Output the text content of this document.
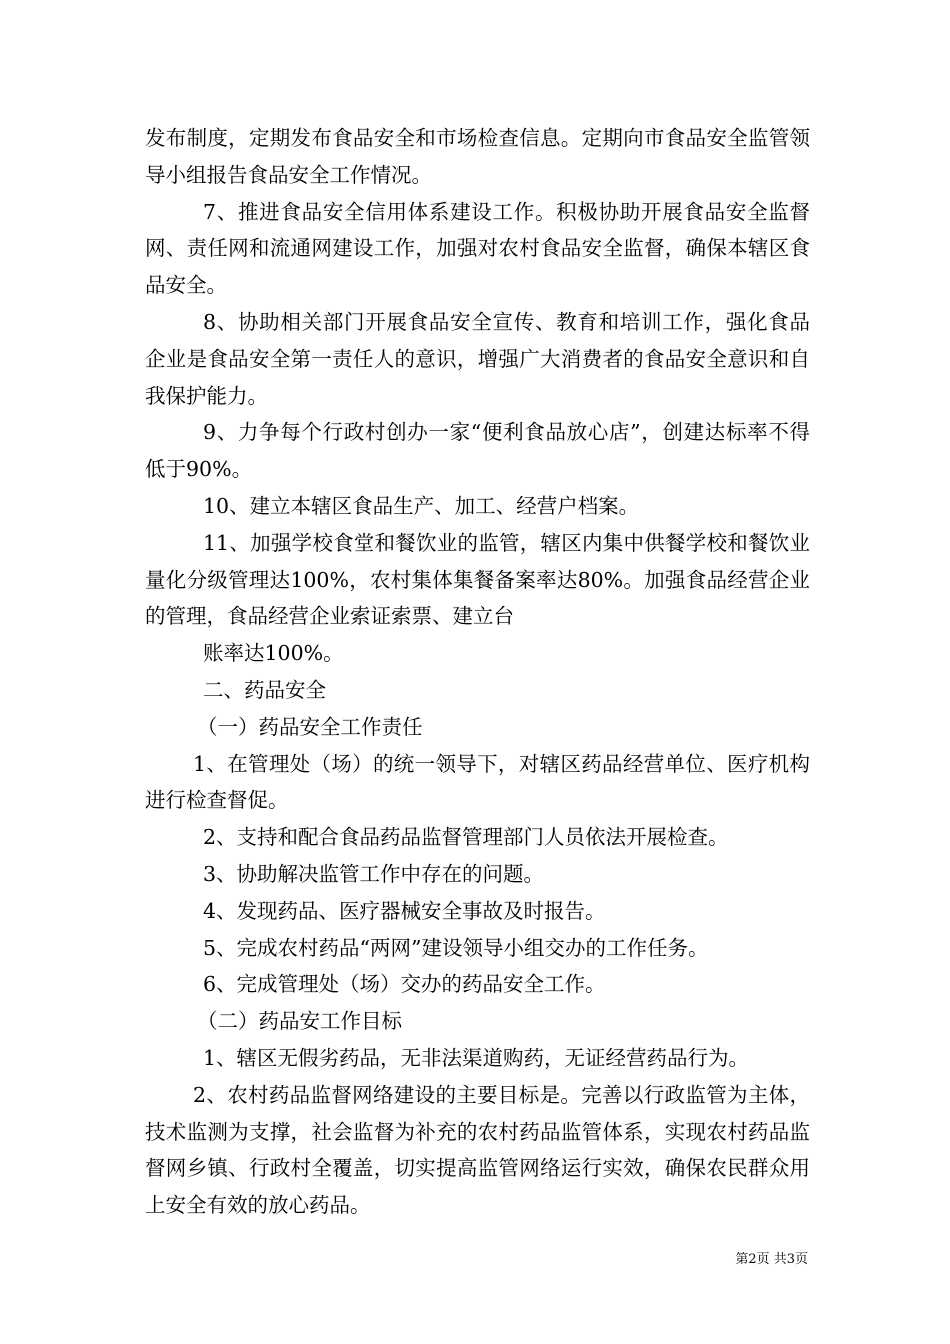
发布制度，定期发布食品安全和市场检查信息。定期向市食品安全监管领导小组报告食品安全工作情况。

7、推进食品安全信用体系建设工作。积极协助开展食品安全监督网、责任网和流通网建设工作，加强对农村食品安全监督，确保本辖区食品安全。

8、协助相关部门开展食品安全宣传、教育和培训工作，强化食品企业是食品安全第一责任人的意识，增强广大消费者的食品安全意识和自我保护能力。

9、力争每个行政村创办一家“便利食品放心店”，创建达标率不得低于90%。

10、建立本辖区食品生产、加工、经营户档案。

11、加强学校食堂和餐饮业的监管，辖区内集中供餐学校和餐饮业量化分级管理达100%，农村集体集餐备案率达80%。加强食品经营企业的管理，食品经营企业索证索票、建立台

账率达100%。

二、药品安全

（一）药品安全工作责任

1、在管理处（场）的统一领导下，对辖区药品经营单位、医疗机构进行检查督促。

2、支持和配合食品药品监督管理部门人员依法开展检查。

3、协助解决监管工作中存在的问题。

4、发现药品、医疗器械安全事故及时报告。

5、完成农村药品“两网”建设领导小组交办的工作任务。

6、完成管理处（场）交办的药品安全工作。

（二）药品安工作目标

1、辖区无假劣药品，无非法渠道购药，无证经营药品行为。

2、农村药品监督网络建设的主要目标是。完善以行政监管为主体，技术监测为支撑，社会监督为补充的农村药品监管体系，实现农村药品监督网乡镇、行政村全覆盖，切实提高监管网络运行实效，确保农民群众用上安全有效的放心药品。

第2页 共3页
